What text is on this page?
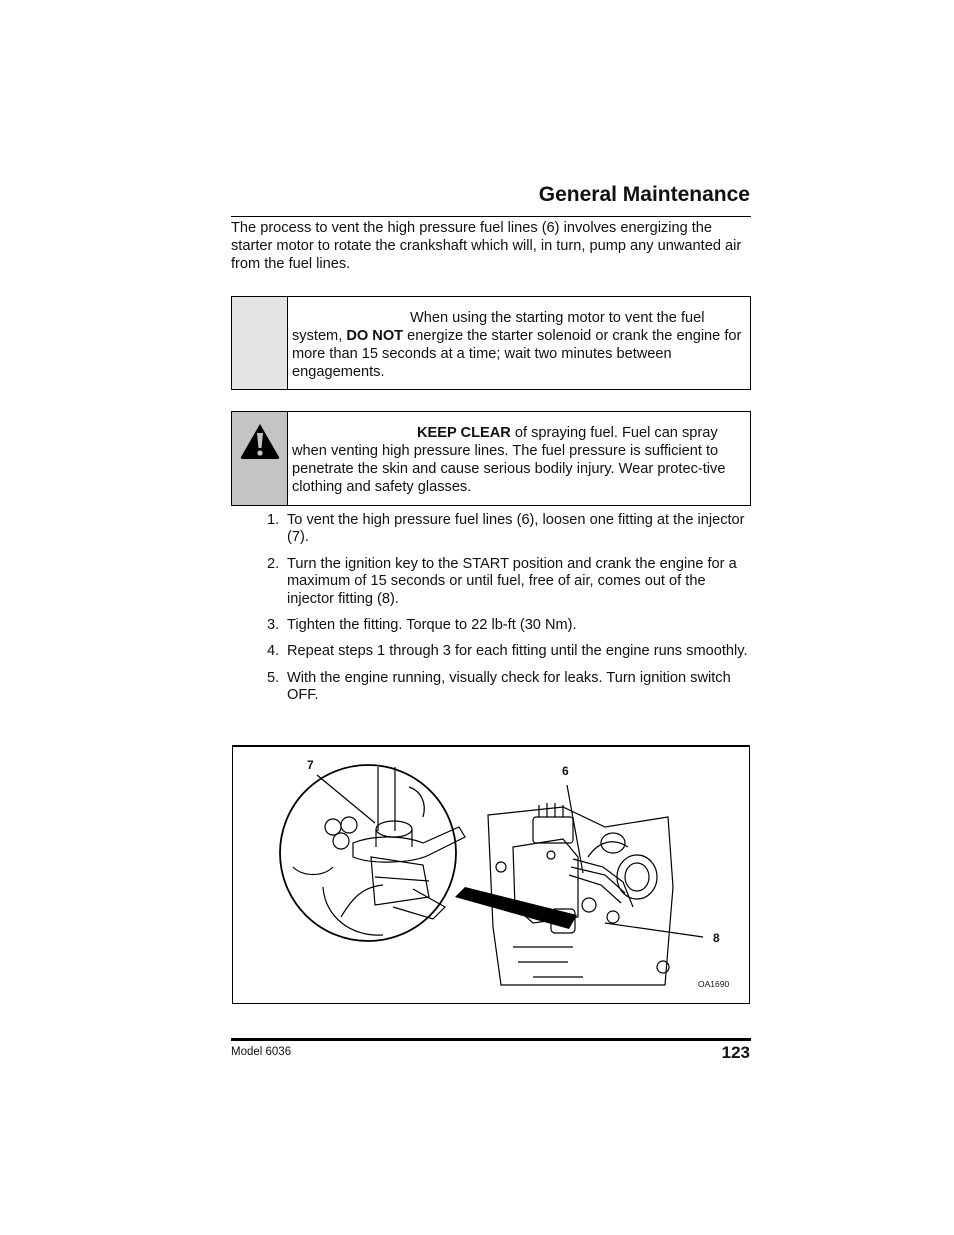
General Maintenance

The process to vent the high pressure fuel lines (6) involves energizing the starter motor to rotate the crankshaft which will, in turn, pump any unwanted air from the fuel lines.

When using the starting motor to vent the fuel system, DO NOT energize the starter solenoid or crank the engine for more than 15 seconds at a time; wait two minutes between engagements.

KEEP CLEAR of spraying fuel. Fuel can spray when venting high pressure lines. The fuel pressure is sufficient to penetrate the skin and cause serious bodily injury. Wear protec-tive clothing and safety glasses.

1. To vent the high pressure fuel lines (6), loosen one fitting at the injector (7).
2. Turn the ignition key to the START position and crank the engine for a maximum of 15 seconds or until fuel, free of air, comes out of the injector fitting (8).
3. Tighten the fitting. Torque to 22 lb-ft (30 Nm).
4. Repeat steps 1 through 3 for each fitting until the engine runs smoothly.
5. With the engine running, visually check for leaks. Turn ignition switch OFF.
7	6
8
OA1690
Model 6036	123
